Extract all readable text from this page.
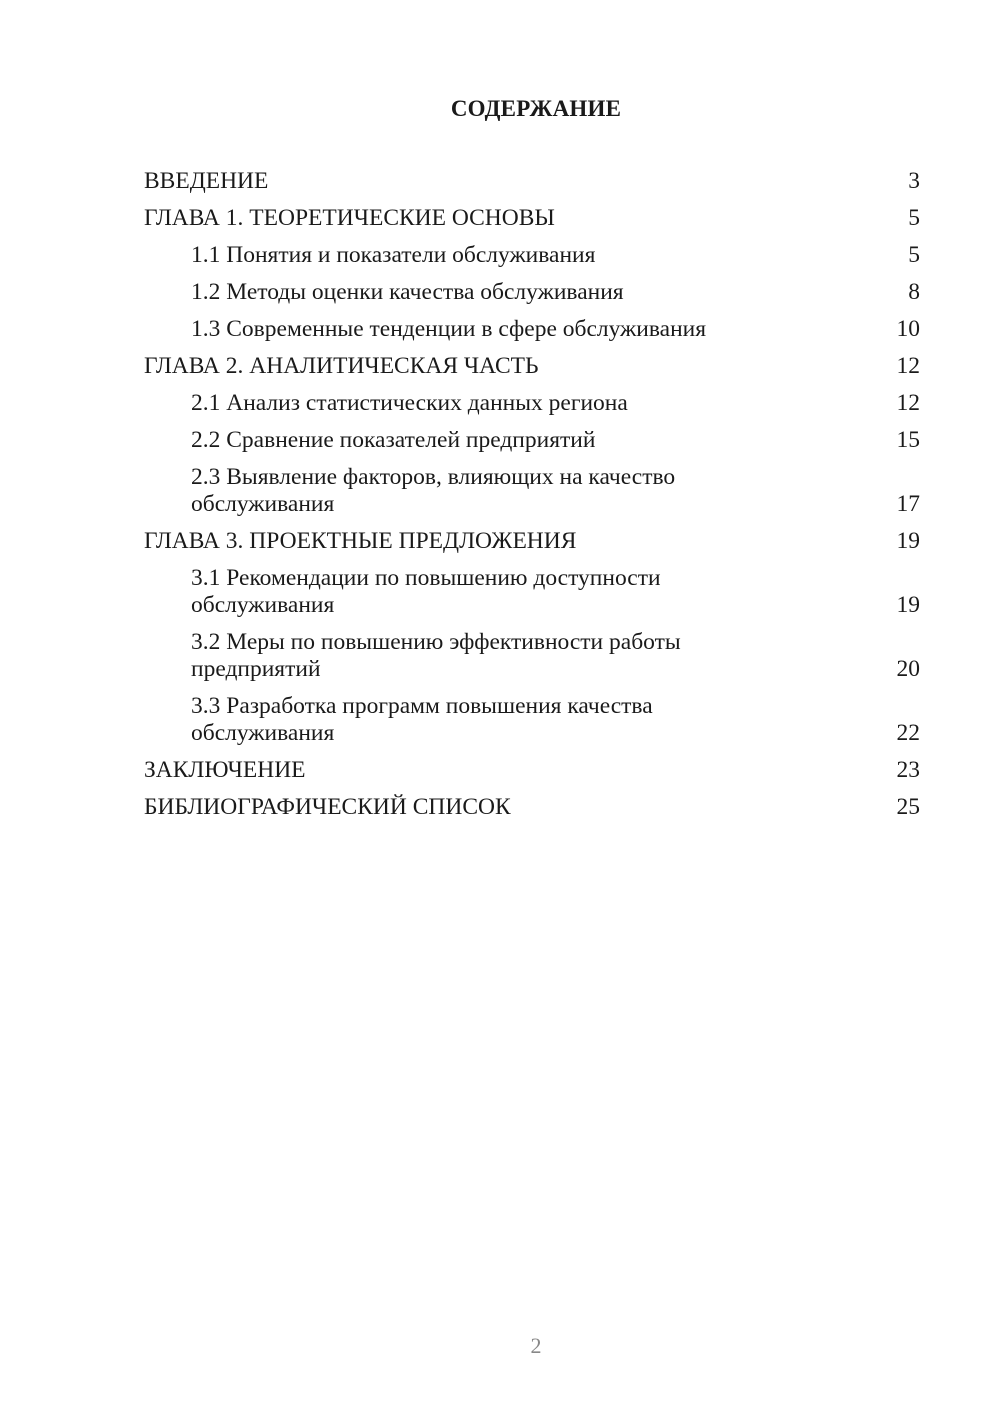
СОДЕРЖАНИЕ
ВВЕДЕНИЕ	3
ГЛАВА 1. ТЕОРЕТИЧЕСКИЕ ОСНОВЫ	5
1.1 Понятия и показатели обслуживания	5
1.2 Методы оценки качества обслуживания	8
1.3 Современные тенденции в сфере обслуживания	10
ГЛАВА 2. АНАЛИТИЧЕСКАЯ ЧАСТЬ	12
2.1 Анализ статистических данных региона	12
2.2 Сравнение показателей предприятий	15
2.3 Выявление факторов, влияющих на качество обслуживания	17
ГЛАВА 3. ПРОЕКТНЫЕ ПРЕДЛОЖЕНИЯ	19
3.1 Рекомендации по повышению доступности обслуживания	19
3.2 Меры по повышению эффективности работы предприятий	20
3.3 Разработка программ повышения качества обслуживания	22
ЗАКЛЮЧЕНИЕ	23
БИБЛИОГРАФИЧЕСКИЙ СПИСОК	25
2
